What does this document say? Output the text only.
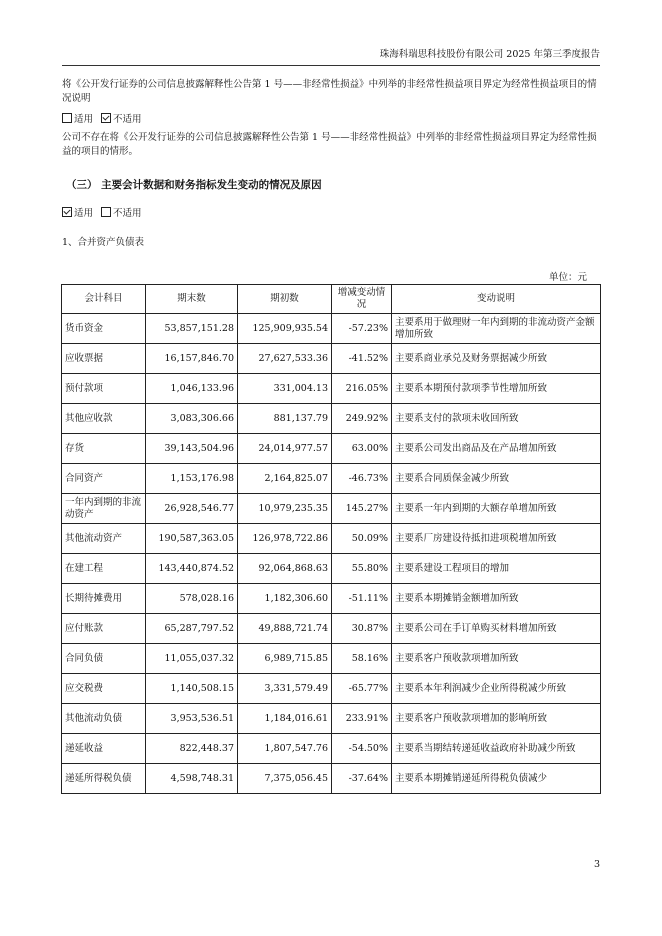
珠海科瑞思科技股份有限公司 2025 年第三季度报告
将《公开发行证券的公司信息披露解释性公告第 1 号——非经常性损益》中列举的非经常性损益项目界定为经常性损益项目的情况说明
适用 不适用
公司不存在将《公开发行证券的公司信息披露解释性公告第 1 号——非经常性损益》中列举的非经常性损益项目界定为经常性损益的项目的情形。
（三） 主要会计数据和财务指标发生变动的情况及原因
适用 不适用
1、合并资产负债表
单位：元
会计科目	期末数	期初数	增减变动情况	变动说明
货币资金	53,857,151.28	125,909,935.54	-57.23%	主要系用于做理财一年内到期的非流动资产金额增加所致
应收票据	16,157,846.70	27,627,533.36	-41.52%	主要系商业承兑及财务票据减少所致
预付款项	1,046,133.96	331,004.13	216.05%	主要系本期预付款项季节性增加所致
其他应收款	3,083,306.66	881,137.79	249.92%	主要系支付的款项未收回所致
存货	39,143,504.96	24,014,977.57	63.00%	主要系公司发出商品及在产品增加所致
合同资产	1,153,176.98	2,164,825.07	-46.73%	主要系合同质保金减少所致
一年内到期的非流动资产	26,928,546.77	10,979,235.35	145.27%	主要系一年内到期的大额存单增加所致
其他流动资产	190,587,363.05	126,978,722.86	50.09%	主要系厂房建设待抵扣进项税增加所致
在建工程	143,440,874.52	92,064,868.63	55.80%	主要系建设工程项目的增加
长期待摊费用	578,028.16	1,182,306.60	-51.11%	主要系本期摊销金额增加所致
应付账款	65,287,797.52	49,888,721.74	30.87%	主要系公司在手订单购买材料增加所致
合同负债	11,055,037.32	6,989,715.85	58.16%	主要系客户预收款项增加所致
应交税费	1,140,508.15	3,331,579.49	-65.77%	主要系本年利润减少企业所得税减少所致
其他流动负债	3,953,536.51	1,184,016.61	233.91%	主要系客户预收款项增加的影响所致
递延收益	822,448.37	1,807,547.76	-54.50%	主要系当期结转递延收益政府补助减少所致
递延所得税负债	4,598,748.31	7,375,056.45	-37.64%	主要系本期摊销递延所得税负债减少
3
